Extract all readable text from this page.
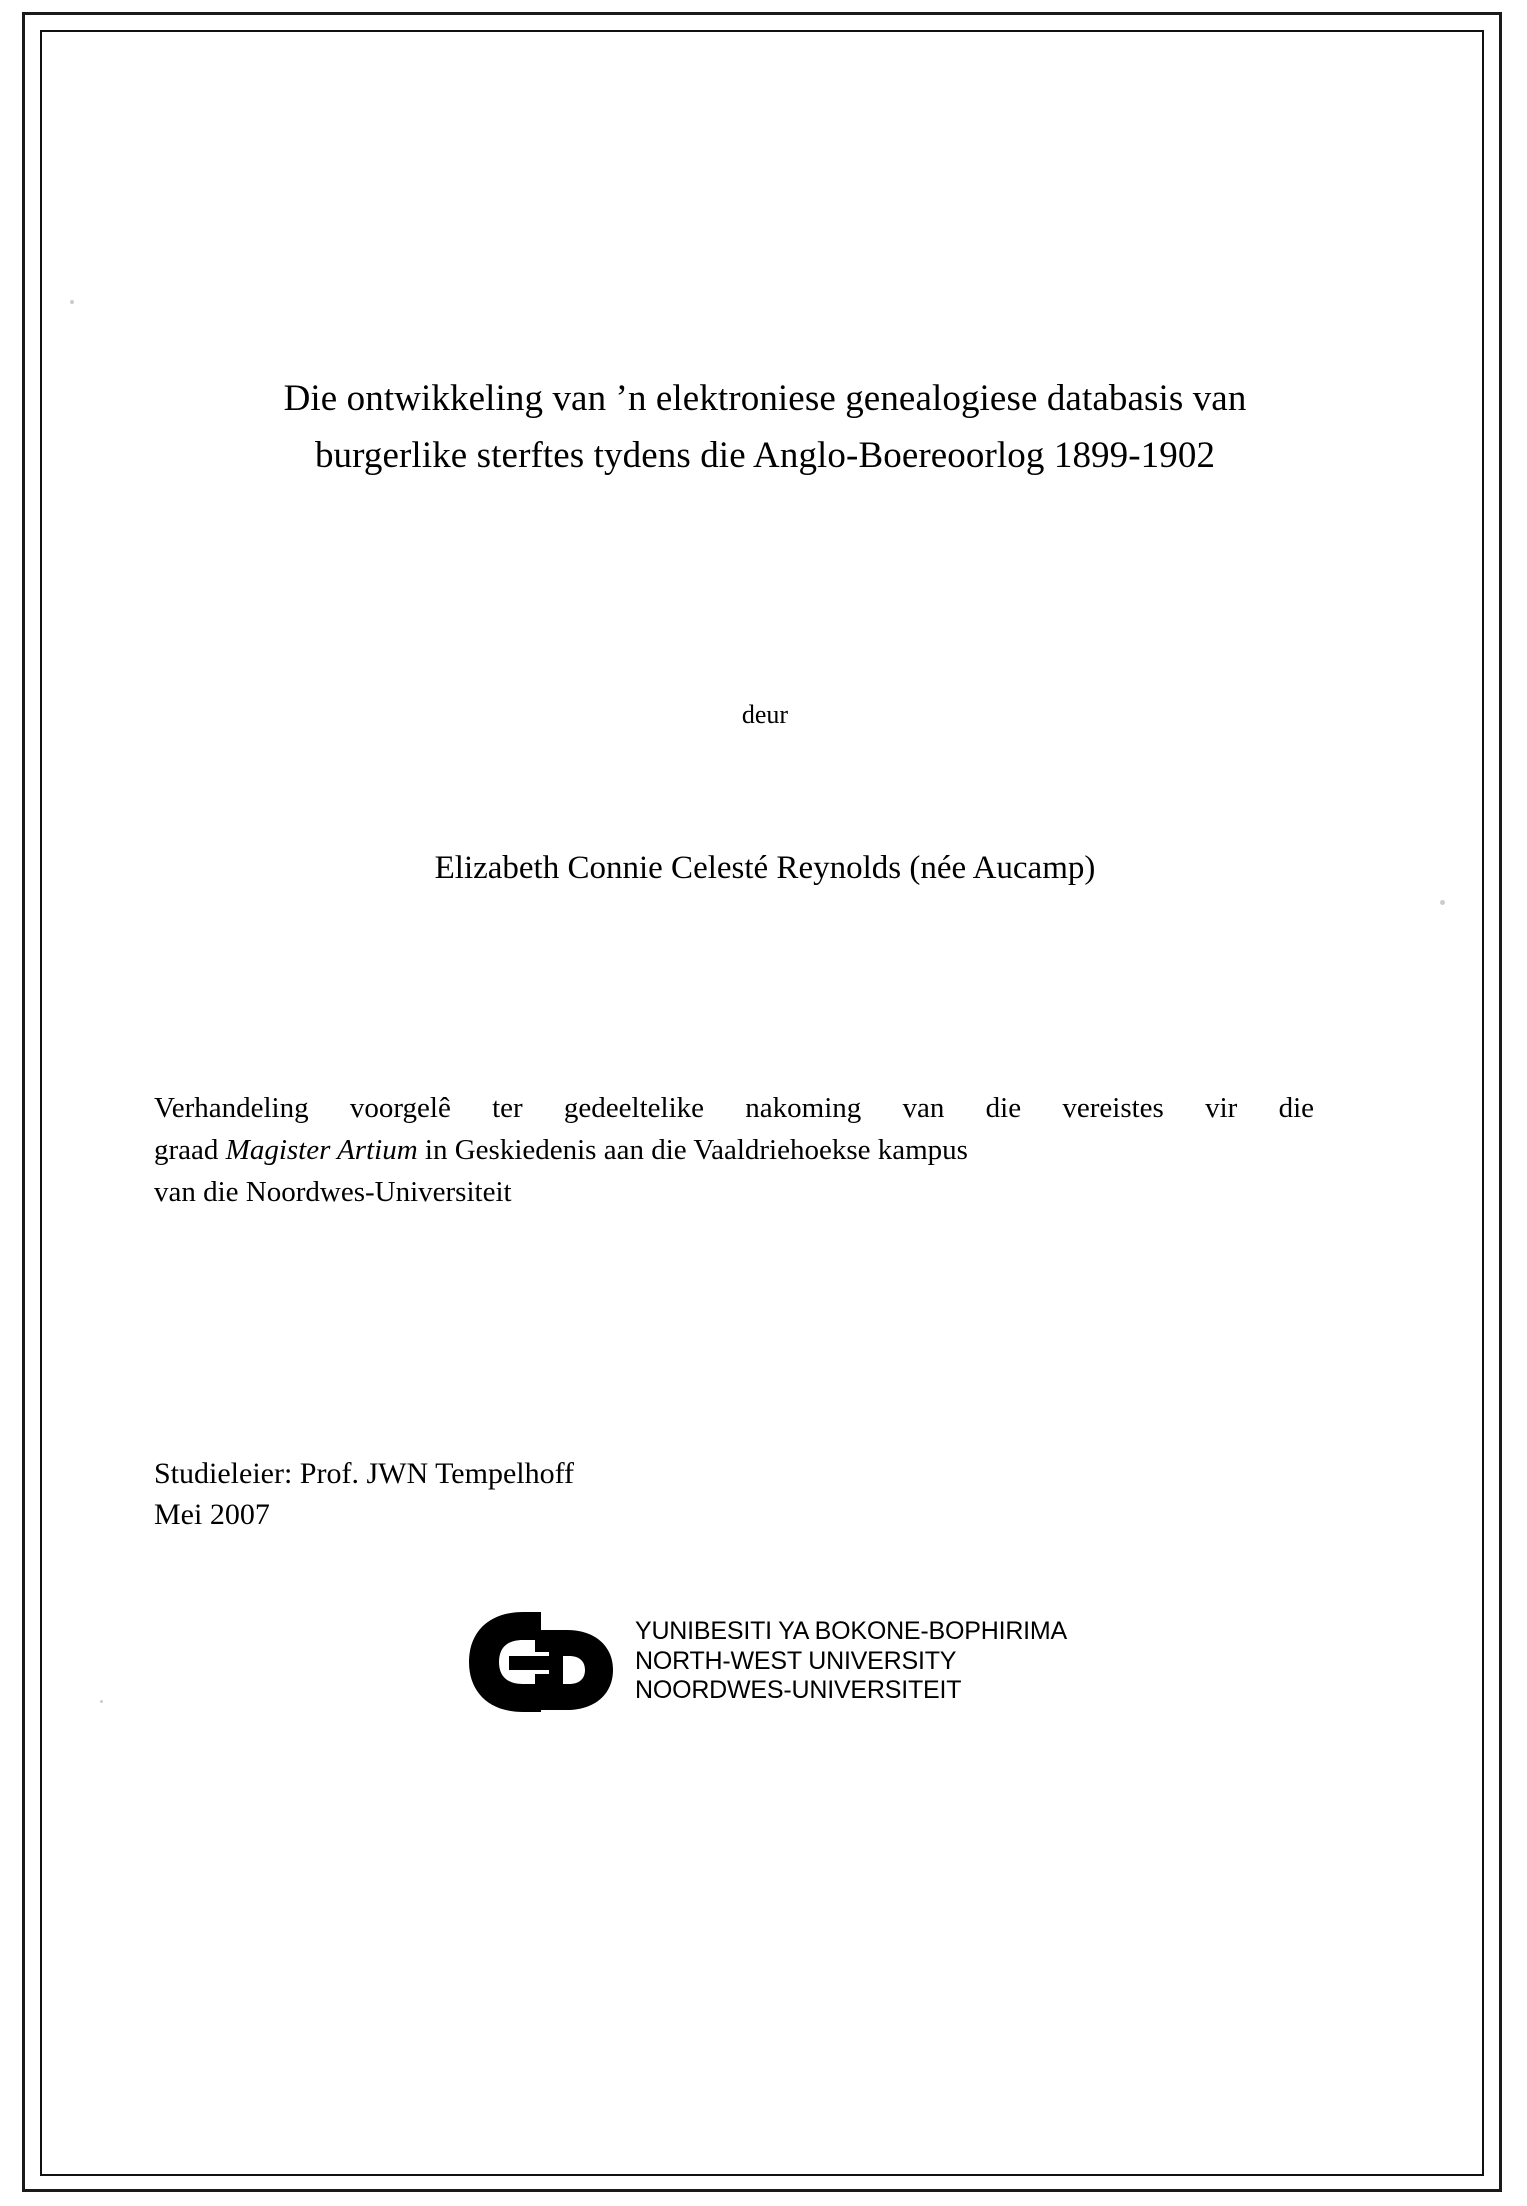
Die ontwikkeling van ’n elektroniese genealogiese databasis van
burgerlike sterftes tydens die Anglo-Boereoorlog 1899-1902
deur
Elizabeth Connie Celesté Reynolds (née Aucamp)

Verhandeling voorgelê ter gedeeltelike nakoming van die vereistes vir die

graad Magister Artium in Geskiedenis aan die Vaaldriehoekse kampus

van die Noordwes-Universiteit

Studieleier: Prof. JWN Tempelhoff

Mei 2007

YUNIBESITI YA BOKONE-BOPHIRIMA
NORTH-WEST UNIVERSITY
NOORDWES-UNIVERSITEIT
